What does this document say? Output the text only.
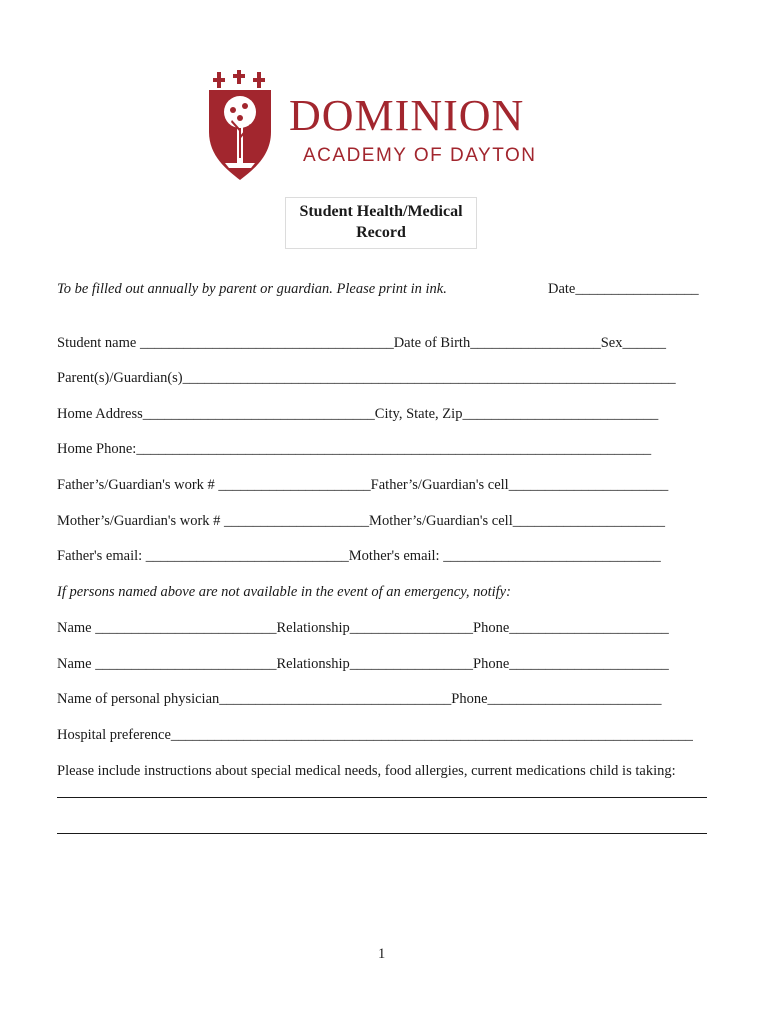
DOMINION
ACADEMY OF DAYTON
Student Health/Medical
Record
To be filled out annually by parent or guardian. Please print in ink.	Date_________________
Student name ___________________________________Date of Birth__________________Sex______
Parent(s)/Guardian(s)____________________________________________________________________
Home Address________________________________City, State, Zip___________________________
Home Phone:_______________________________________________________________________
Father’s/Guardian's work # _____________________Father’s/Guardian's cell______________________
Mother’s/Guardian's work # ____________________Mother’s/Guardian's cell_____________________
Father's email: ____________________________Mother's email: ______________________________
If persons named above are not available in the event of an emergency, notify:
Name _________________________Relationship_________________Phone______________________
Name _________________________Relationship_________________Phone______________________
Name of personal physician________________________________Phone________________________
Hospital preference________________________________________________________________________
Please include instructions about special medical needs, food allergies, current medications child is taking:
1
